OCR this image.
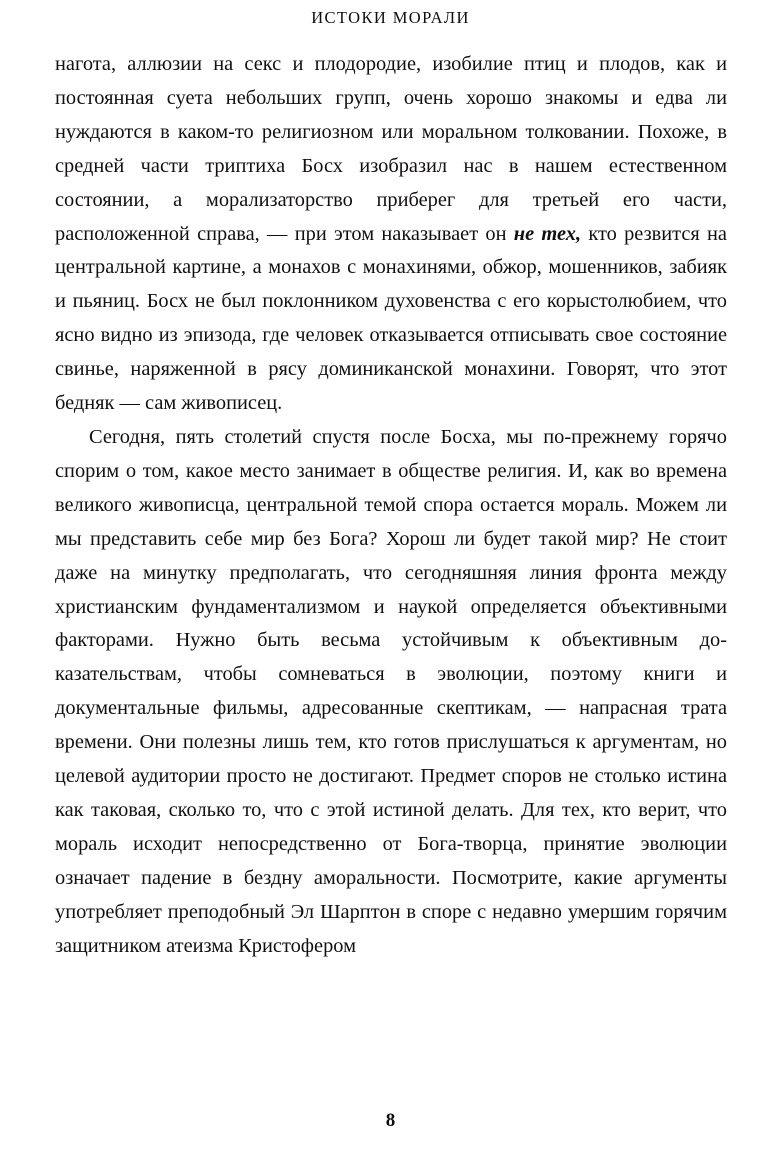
ИСТОКИ МОРАЛИ

нагота, аллюзии на секс и плодородие, изобилие птиц и плодов, как и постоянная суета небольших групп, очень хорошо знакомы и едва ли нуждаются в каком-то религиозном или моральном толковании. Похоже, в средней части триптиха Босх изобразил нас в нашем естественном состоянии, а морализаторство приберег для третьей его части, расположенной справа, — при этом наказывает он не тех, кто резвится на центральной картине, а монахов с монахинями, обжор, мошенников, забияк и пьяниц. Босх не был поклонником духовенства с его корыстолюбием, что ясно видно из эпизода, где человек отказывается отписывать свое состояние свинье, наряженной в рясу доминиканской монахини. Говорят, что этот бедняк — сам живописец.

Сегодня, пять столетий спустя после Босха, мы по-прежнему горячо спорим о том, какое место занимает в обществе религия. И, как во времена великого живописца, центральной темой спора остается мораль. Можем ли мы представить себе мир без Бога? Хорош ли будет такой мир? Не стоит даже на минутку предполагать, что сегодняшняя линия фронта между христианским фундаментализмом и наукой определяется объективными факторами. Нужно быть весьма устойчивым к объективным доказательствам, чтобы сомневаться в эволюции, поэтому книги и документальные фильмы, адресованные скептикам, — напрасная трата времени. Они полезны лишь тем, кто готов прислушаться к аргументам, но целевой аудитории просто не достигают. Предмет споров не столько истина как таковая, сколько то, что с этой истиной делать. Для тех, кто верит, что мораль исходит непосредственно от Бога-творца, принятие эволюции означает падение в бездну аморальности. Посмотрите, какие аргументы употребляет преподобный Эл Шарптон в споре с недавно умершим горячим защитником атеизма Кристофером

8
